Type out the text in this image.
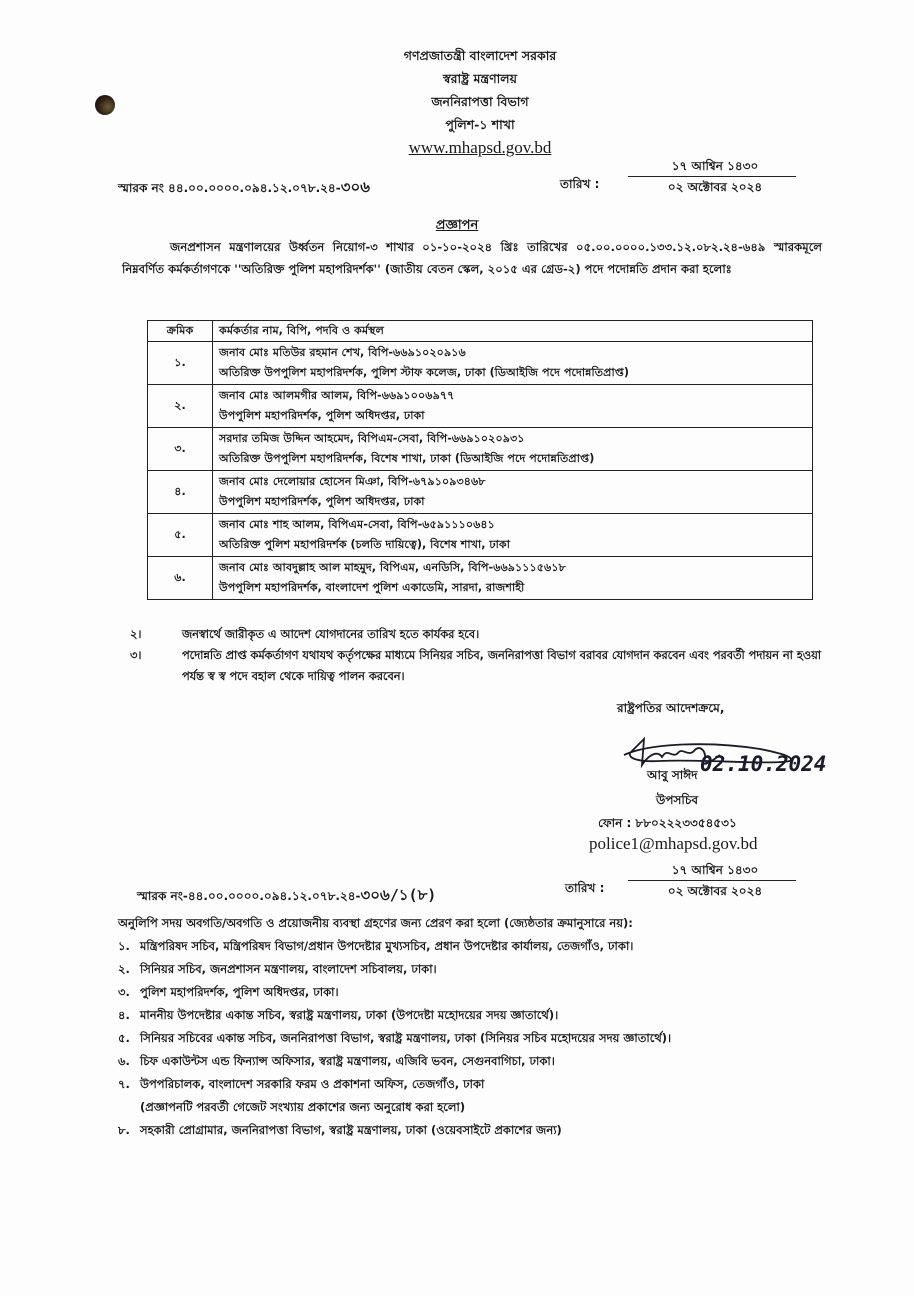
গণপ্রজাতন্ত্রী বাংলাদেশ সরকার
স্বরাষ্ট্র মন্ত্রণালয়
জননিরাপত্তা বিভাগ
পুলিশ-১ শাখা
www.mhapsd.gov.bd
স্মারক নং ৪৪.০০.০০০০.০৯৪.১২.০৭৮.২৪-৩০৬	তারিখ :
১৭ আশ্বিন ১৪৩০
০২ অক্টোবর ২০২৪
প্রজ্ঞাপন
জনপ্রশাসন মন্ত্রণালয়ের উর্ধ্বতন নিয়োগ-৩ শাখার ০১-১০-২০২৪ খ্রিঃ তারিখের ০৫.০০.০০০০.১৩৩.১২.০৮২.২৪-৬৪৯ স্মারকমূলে নিম্নবর্ণিত কর্মকর্তাগণকে ''অতিরিক্ত পুলিশ মহাপরিদর্শক'' (জাতীয় বেতন স্কেল, ২০১৫ এর গ্রেড-২) পদে পদোন্নতি প্রদান করা হলোঃ
ক্রমিক	কর্মকর্তার নাম, বিপি, পদবি ও কর্মস্থল
১.	জনাব মোঃ মতিউর রহমান শেখ, বিপি-৬৬৯১০২০৯১৬
অতিরিক্ত উপপুলিশ মহাপরিদর্শক, পুলিশ স্টাফ কলেজ, ঢাকা (ডিআইজি পদে পদোন্নতিপ্রাপ্ত)

২.	জনাব মোঃ আলমগীর আলম, বিপি-৬৬৯১০০৬৯৭৭
উপপুলিশ মহাপরিদর্শক, পুলিশ অধিদপ্তর, ঢাকা

৩.	সরদার তমিজ উদ্দিন আহমেদ, বিপিএম-সেবা, বিপি-৬৬৯১০২০৯৩১
অতিরিক্ত উপপুলিশ মহাপরিদর্শক, বিশেষ শাখা, ঢাকা (ডিআইজি পদে পদোন্নতিপ্রাপ্ত)

৪.	জনাব মোঃ দেলোয়ার হোসেন মিঞা, বিপি-৬৭৯১০৯৩৪৬৮
উপপুলিশ মহাপরিদর্শক, পুলিশ অধিদপ্তর, ঢাকা

৫.	জনাব মোঃ শাহ আলম, বিপিএম-সেবা, বিপি-৬৫৯১১১০৬৪১
অতিরিক্ত পুলিশ মহাপরিদর্শক (চলতি দায়িত্বে), বিশেষ শাখা, ঢাকা

৬.	জনাব মোঃ আবদুল্লাহ আল মাহমুদ, বিপিএম, এনডিসি, বিপি-৬৬৯১১১৫৬১৮
উপপুলিশ মহাপরিদর্শক, বাংলাদেশ পুলিশ একাডেমি, সারদা, রাজশাহী
২।	জনস্বার্থে জারীকৃত এ আদেশ যোগদানের তারিখ হতে কার্যকর হবে।
৩।	পদোন্নতি প্রাপ্ত কর্মকর্তাগণ যথাযথ কর্তৃপক্ষের মাধ্যমে সিনিয়র সচিব, জননিরাপত্তা বিভাগ বরাবর যোগদান করবেন এবং পরবর্তী পদায়ন না হওয়া পর্যন্ত স্ব স্ব পদে বহাল থেকে দায়িত্ব পালন করবেন।
রাষ্ট্রপতির আদেশক্রমে,
আবু সাঈদ 02.10.2024
উপসচিব
ফোন : ৮৮০২২২৩৩৫৪৫৩১
police1@mhapsd.gov.bd
স্মারক নং-৪৪.০০.০০০০.০৯৪.১২.০৭৮.২৪-৩০৬/১(৮)	তারিখ :
১৭ আশ্বিন ১৪৩০
০২ অক্টোবর ২০২৪
অনুলিপি সদয় অবগতি/অবগতি ও প্রয়োজনীয় ব্যবস্থা গ্রহণের জন্য প্রেরণ করা হলো (জ্যেষ্ঠতার ক্রমানুসারে নয়):
১. মন্ত্রিপরিষদ সচিব, মন্ত্রিপরিষদ বিভাগ/প্রধান উপদেষ্টার মুখ্যসচিব, প্রধান উপদেষ্টার কার্যালয়, তেজগাঁও, ঢাকা।
২. সিনিয়র সচিব, জনপ্রশাসন মন্ত্রণালয়, বাংলাদেশ সচিবালয়, ঢাকা।
৩. পুলিশ মহাপরিদর্শক, পুলিশ অধিদপ্তর, ঢাকা।
৪. মাননীয় উপদেষ্টার একান্ত সচিব, স্বরাষ্ট্র মন্ত্রণালয়, ঢাকা (উপদেষ্টা মহোদয়ের সদয় জ্ঞাতার্থে)।
৫. সিনিয়র সচিবের একান্ত সচিব, জননিরাপত্তা বিভাগ, স্বরাষ্ট্র মন্ত্রণালয়, ঢাকা (সিনিয়র সচিব মহোদয়ের সদয় জ্ঞাতার্থে)।
৬. চিফ একাউন্টস এন্ড ফিন্যান্স অফিসার, স্বরাষ্ট্র মন্ত্রণালয়, এজিবি ভবন, সেগুনবাগিচা, ঢাকা।
৭. উপপরিচালক, বাংলাদেশ সরকারি ফরম ও প্রকাশনা অফিস, তেজগাঁও, ঢাকা
(প্রজ্ঞাপনটি পরবর্তী গেজেট সংখ্যায় প্রকাশের জন্য অনুরোধ করা হলো)
৮. সহকারী প্রোগ্রামার, জননিরাপত্তা বিভাগ, স্বরাষ্ট্র মন্ত্রণালয়, ঢাকা (ওয়েবসাইটে প্রকাশের জন্য)
